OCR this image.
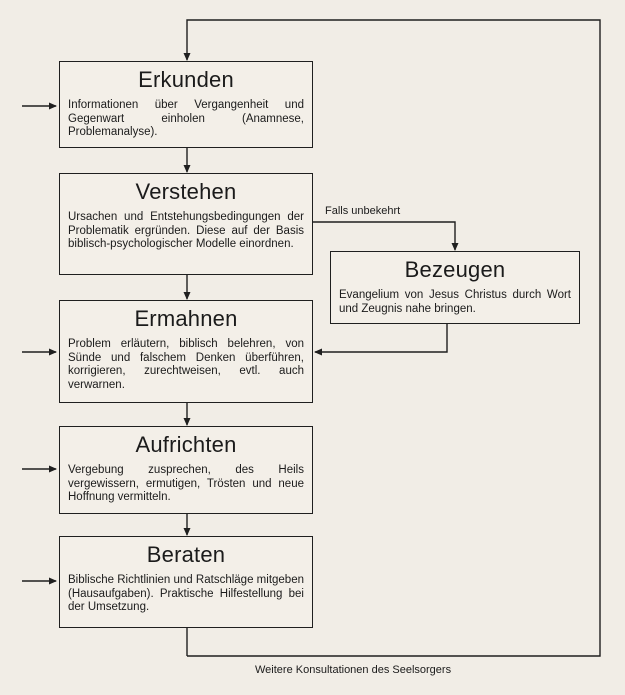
Erkunden
Informationen über Vergangenheit und Gegenwart einholen (Anamnese, Problemanalyse).
Verstehen
Ursachen und Entstehungsbedingungen der Problematik ergründen. Diese auf der Basis biblisch-psychologischer Modelle einordnen.
Ermahnen
Problem erläutern, biblisch belehren, von Sünde und falschem Denken überführen, korrigieren, zurechtweisen, evtl. auch verwarnen.
Aufrichten
Vergebung zusprechen, des Heils vergewissern, ermutigen, Trösten und neue Hoffnung vermitteln.
Beraten
Biblische Richtlinien und Ratschläge mitgeben (Hausaufgaben). Praktische Hilfestellung bei der Umsetzung.
Bezeugen
Evangelium von Jesus Christus durch Wort und Zeugnis nahe bringen.
Falls unbekehrt
Weitere Konsultationen des Seelsorgers
